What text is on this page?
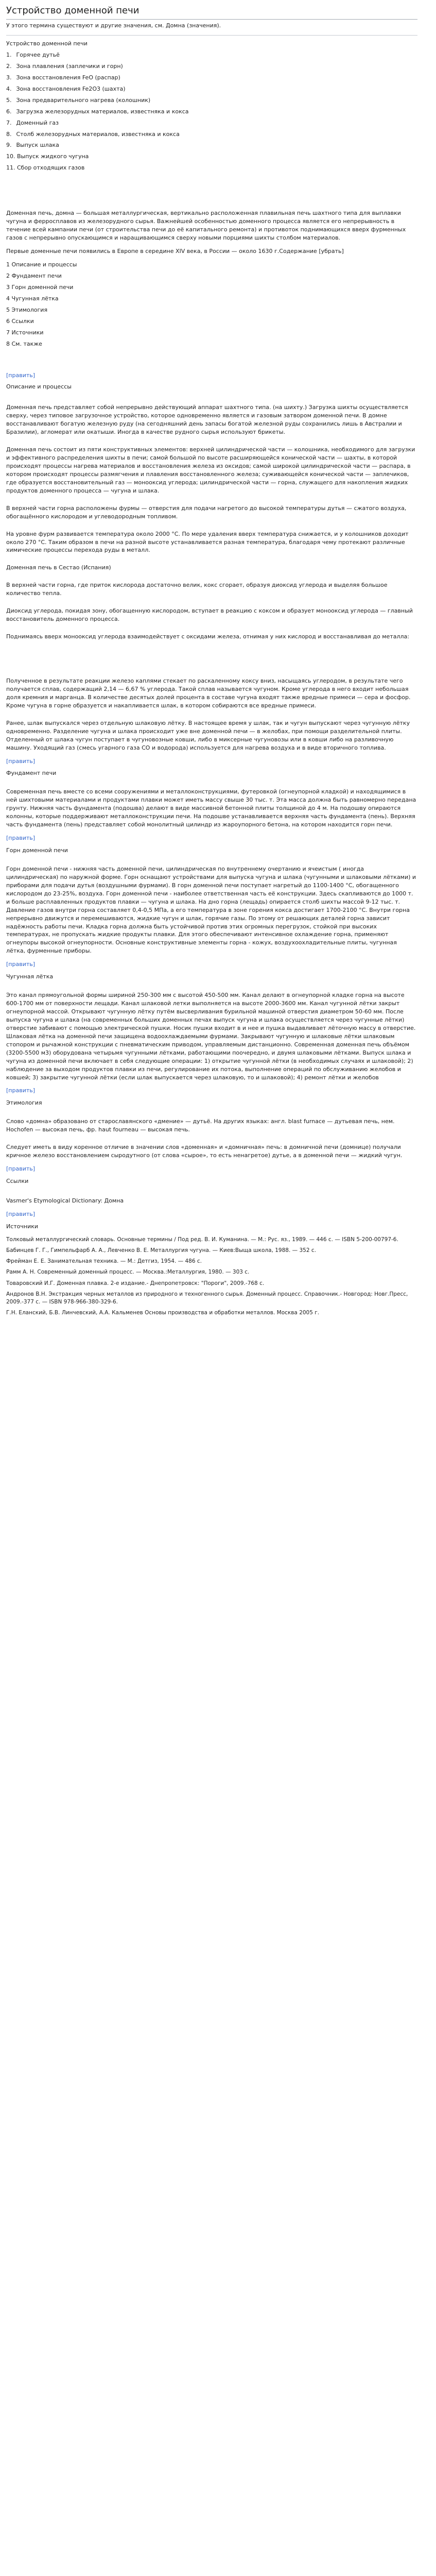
Устройство доменной печи
У этого термина существуют и другие значения, см. Домна (значения).
Устройство доменной печи
1. Горячее дутьё
2. Зона плавления (заплечики и горн)
3. Зона восстановления FeO (распар)
4. Зона восстановления Fe2O3 (шахта)
5. Зона предварительного нагрева (колошник)
6. Загрузка железорудных материалов, известняка и кокса
7. Доменный газ
8. Столб железорудных материалов, известняка и кокса
9. Выпуск шлака
10. Выпуск жидкого чугуна
11. Сбор отходящих газов

Доменная печь, домна — большая металлургическая, вертикально расположенная плавильная печь шахтного типа для выплавки чугуна и ферросплавов из железорудного сырья. Важнейшей особенностью доменного процесса является его непрерывность в течение всей кампании печи (от строительства печи до её капитального ремонта) и противоток поднимающихся вверх фурменных газов с непрерывно опускающимся и наращивающимся сверху новыми порциями шихты столбом материалов.

Первые доменные печи появились в Европе в середине XIV века, в России — около 1630 г.Содержание [убрать]

1 Описание и процессы
2 Фундамент печи
3 Горн доменной печи
4 Чугунная лётка
5 Этимология
6 Ссылки
7 Источники
8 См. также
[править]
Описание и процессы

Доменная печь представляет собой непрерывно действующий аппарат шахтного типа. (на шихту.) Загрузка шихты осуществляется сверху, через типовое загрузочное устройство, которое одновременно является и газовым затвором доменной печи. В домне восстанавливают богатую железную руду (на сегодняшний день запасы богатой железной руды сохранились лишь в Австралии и Бразилии), агломерат или окатыши. Иногда в качестве рудного сырья используют брикеты.

Доменная печь состоит из пяти конструктивных элементов: верхней цилиндрической части — колошника, необходимого для загрузки и эффективного распределения шихты в печи; самой большой по высоте расширяющейся конической части — шахты, в которой происходят процессы нагрева материалов и восстановления железа из оксидов; самой широкой цилиндрической части — распара, в котором происходят процессы размягчения и плавления восстановленного железа; суживающейся конической части — заплечиков, где образуется восстановительный газ — монооксид углерода; цилиндрической части — горна, служащего для накопления жидких продуктов доменного процесса — чугуна и шлака.

В верхней части горна расположены фурмы — отверстия для подачи нагретого до высокой температуры дутья — сжатого воздуха, обогащённого кислородом и углеводородным топливом.

На уровне фурм развивается температура около 2000 °С. По мере удаления вверх температура снижается, и у колошников доходит около 270 °С. Таким образом в печи на разной высоте устанавливается разная температура, благодаря чему протекают различные химические процессы перехода руды в металл.

Доменная печь в Сестао (Испания)

В верхней части горна, где приток кислорода достаточно велик, кокс сгорает, образуя диоксид углерода и выделяя большое количество тепла.

Диоксид углерода, покидая зону, обогащенную кислородом, вступает в реакцию с коксом и образует монооксид углерода — главный восстановитель доменного процесса.

Поднимаясь вверх монооксид углерода взаимодействует с оксидами железа, отнимая у них кислород и восстанавливая до металла:

Полученное в результате реакции железо каплями стекает по раскаленному коксу вниз, насыщаясь углеродом, в результате чего получается сплав, содержащий 2,14 — 6,67 % углерода. Такой сплав называется чугуном. Кроме углерода в него входит небольшая доля кремния и марганца. В количестве десятых долей процента в составе чугуна входят также вредные примеси — сера и фосфор. Кроме чугуна в горне образуется и накапливается шлак, в котором собираются все вредные примеси.

Ранее, шлак выпускался через отдельную шлаковую лётку. В настоящее время у шлак, так и чугун выпускают через чугунную лётку одновременно. Разделение чугуна и шлака происходит уже вне доменной печи — в желобах, при помощи разделительной плиты. Отделенный от шлака чугун поступает в чугуновозные ковши, либо в миксерные чугуновозы или в ковши либо на разливочную машину. Уходящий газ (смесь угарного газа СО и водорода) используется для нагрева воздуха и в виде вторичного топлива.

[править]
Фундамент печи

Современная печь вместе со всеми сооружениями и металлоконструкциями, футеровкой (огнеупорной кладкой) и находящимися в ней шихтовыми материалами и продуктами плавки может иметь массу свыше 30 тыс. т. Эта масса должна быть равномерно передана грунту. Нижняя часть фундамента (подошва) делают в виде массивной бетонной плиты толщиной до 4 м. На подошву опираются колонны, которые поддерживают металлоконструкции печи. На подошве устанавливается верхняя часть фундамента (пень). Верхняя часть фундамента (пень) представляет собой монолитный цилиндр из жароупорного бетона, на котором находится горн печи.

[править]
Горн доменной печи

Горн доменной печи - нижняя часть доменной печи, цилиндрическая по внутреннему очертанию и ячеистым ( иногда цилиндрическая) по наружной форме. Горн оснащают устройствами для выпуска чугуна и шлака (чугунными и шлаковыми лётками) и приборами для подачи дутья (воздушными фурмами). В горн доменной печи поступает нагретый до 1100-1400 °С, обогащенного кислородом до 23-25%, воздуха. Горн доменной печи - наиболее ответственная часть её конструкции. Здесь скапливаются до 1000 т. и больше расплавленных продуктов плавки — чугуна и шлака. На дно горна (лещадь) опирается столб шихты массой 9-12 тыс. т. Давление газов внутри горна составляет 0,4-0,5 МПа, а его температура в зоне горения кокса достигает 1700-2100 °С. Внутри горна непрерывно движутся и перемешиваются, жидкие чугун и шлак, горячие газы. По этому от решающих деталей горна зависит надёжность работы печи. Кладка горна должна быть устойчивой против этих огромных перегрузок, стойкой при высоких температурах, не пропускать жидкие продукты плавки. Для этого обеспечивают интенсивное охлаждение горна, применяют огнеупоры высокой огнеупорности. Основные конструктивные элементы горна - кожух, воздухоохладительные плиты, чугунная лётка, фурменные приборы.

[править]
Чугунная лётка

Это канал прямоугольной формы шириной 250-300 мм с высотой 450-500 мм. Канал делают в огнеупорной кладке горна на высоте 600-1700 мм от поверхности лещади. Канал шлаковой летки выполняется на высоте 2000-3600 мм. Канал чугунной лётки закрыт огнеупорной массой. Открывают чугунную лётку путём высверливания бурильной машиной отверстия диаметром 50-60 мм. После выпуска чугуна и шлака (на современных больших доменных печах выпуск чугуна и шлака осуществляется через чугунные лётки) отверстие забивают с помощью электрической пушки. Носик пушки входит в и нее и пушка выдавливает лёточную массу в отверстие. Шлаковая лётка на доменной печи защищена водоохлаждаемыми фурмами. Закрывают чугунную и шлаковые лётки шлаковым стопором и рычажной конструкции с пневматическим приводом, управляемым дистанционно. Современная доменная печь объёмом (3200-5500 м3) оборудована четырьмя чугунными лётками, работающими поочередно, и двумя шлаковыми лётками. Выпуск шлака и чугуна из доменной печи включает в себя следующие операции: 1) открытие чугунной лётки (в необходимых случаях и шлаковой); 2) наблюдение за выходом продуктов плавки из печи, регулирование их потока, выполнение операций по обслуживанию желобов и ковшей; 3) закрытие чугунной лётки (если шлак выпускается через шлаковую, то и шлаковой); 4) ремонт лётки и желобов

[править]
Этимология

Слово «домна» образовано от старославянского «дмение» — дутьё. На других языках: англ. blast furnace — дутьевая печь, нем. Hochofen — высокая печь, фр. haut fourneau — высокая печь.

Следует иметь в виду коренное отличие в значении слов «доменная» и «домничная» печь: в домничной печи (домнице) получали кричное железо восстановлением сыродутного (от слова «сырое», то есть ненагретое) дутье, а в доменной печи — жидкий чугун.

[править]
Ссылки
Vasmer's Etymological Dictionary: Домна
[править]
Источники
Толковый металлургический словарь. Основные термины / Под ред. В. И. Куманина. — М.: Рус. яз., 1989. — 446 с. — ISBN 5-200-00797-6.
Бабинцев Г. Г., Гимпельфарб А. А., Левченко В. Е. Металлургия чугуна. — Киев:Выща школа, 1988. — 352 с.
Фрейман Е. Е. Занимательная техника. — М.: Детгиз, 1954. — 486 с.
Рамм А. Н. Современный доменный процесс. — Москва.:Металлургия, 1980. — 303 с.
Товаровский И.Г. Доменная плавка. 2-е издание.- Днепропетровск: "Пороги", 2009.-768 с.
Андронов В.Н. Экстракция черных металлов из природного и техногенного сырья. Доменный процесс. Справочник.- Новгород: Новг.Пресс, 2009.-377 с. — ISBN 978-966-380-329-6.
Г.Н. Еланский, Б.В. Линчевский, А.А. Кальменев Основы производства и обработки металлов. Москва 2005 г.
